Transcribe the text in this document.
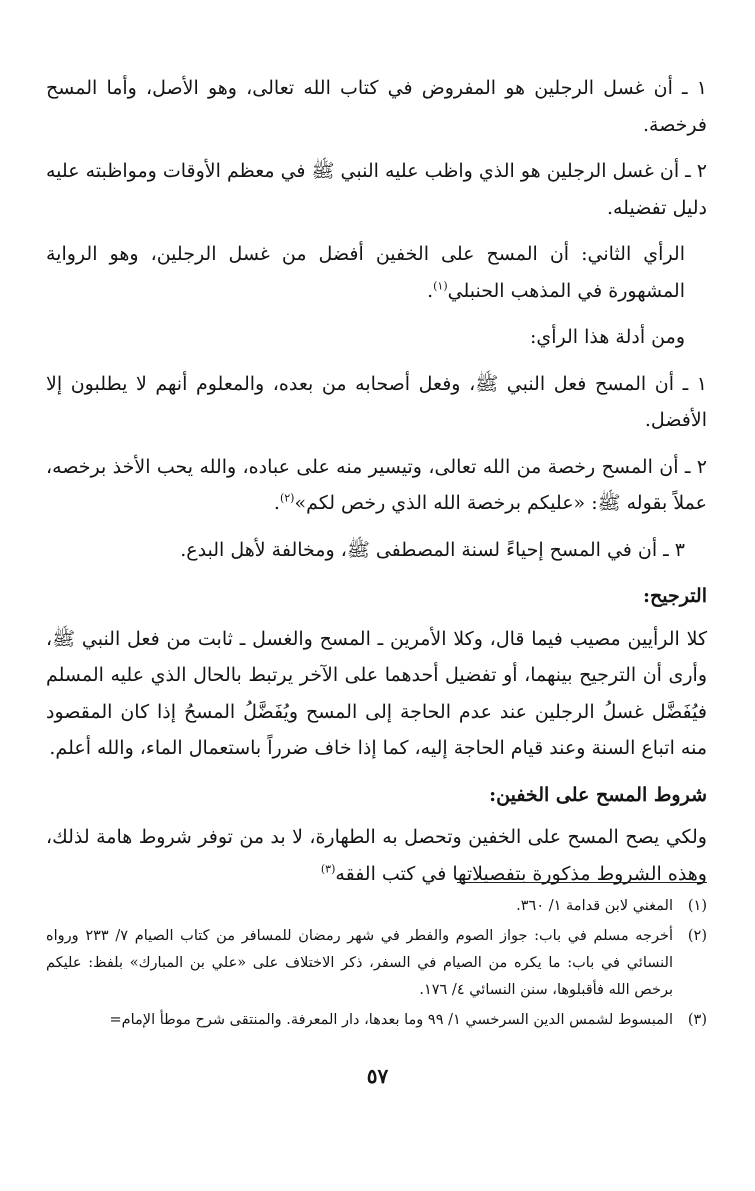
١ ـ أن غسل الرجلين هو المفروض في كتاب الله تعالى، وهو الأصل، وأما المسح فرخصة.

٢ ـ أن غسل الرجلين هو الذي واظب عليه النبي ﷺ في معظم الأوقات ومواظبته عليه دليل تفضيله.

الرأي الثاني: أن المسح على الخفين أفضل من غسل الرجلين، وهو الرواية المشهورة في المذهب الحنبلي$^{(١)}$.

ومن أدلة هذا الرأي:

١ ـ أن المسح فعل النبي ﷺ، وفعل أصحابه من بعده، والمعلوم أنهم لا يطلبون إلا الأفضل.

٢ ـ أن المسح رخصة من الله تعالى، وتيسير منه على عباده، والله يحب الأخذ برخصه، عملاً بقوله ﷺ: «عليكم برخصة الله الذي رخص لكم»$^{(٢)}$.

٣ ـ أن في المسح إحياءً لسنة المصطفى ﷺ، ومخالفة لأهل البدع.

الترجيح:

كلا الرأيين مصيب فيما قال، وكلا الأمرين ـ المسح والغسل ـ ثابت من فعل النبي ﷺ، وأرى أن الترجيح بينهما، أو تفضيل أحدهما على الآخر يرتبط بالحال الذي عليه المسلم فيُفَضَّل غسلُ الرجلين عند عدم الحاجة إلى المسح ويُفَضَّلُ المسحُ إذا كان المقصود منه اتباع السنة وعند قيام الحاجة إليه، كما إذا خاف ضرراً باستعمال الماء، والله أعلم.

شروط المسح على الخفين:

ولكي يصح المسح على الخفين وتحصل به الطهارة، لا بد من توفر شروط هامة لذلك، وهذه الشروط مذكورة بتفصيلاتها في كتب الفقه$^{(٣)}$

(١)
المغني لابن قدامة ١/ ٣٦٠.
(٢)
أخرجه مسلم في باب: جواز الصوم والفطر في شهر رمضان للمسافر من كتاب الصيام ٧/ ٢٣٣ ورواه النسائي في باب: ما يكره من الصيام في السفر، ذكر الاختلاف على «علي بن المبارك» بلفظ: عليكم برخص الله فأقبلوها، سنن النسائي ٤/ ١٧٦.
(٣)
المبسوط لشمس الدين السرخسي ١/ ٩٩ وما بعدها، دار المعرفة. والمنتقى شرح موطأ الإمام=
٥٧
